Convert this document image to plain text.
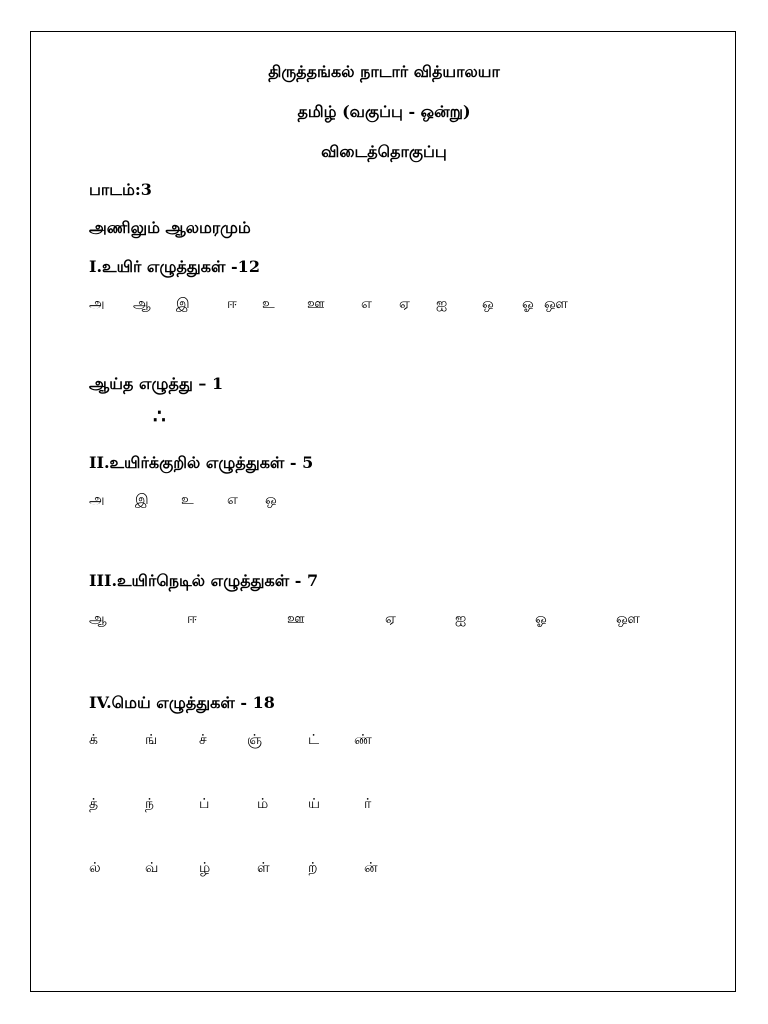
திருத்தங்கல் நாடார் வித்யாலயா
தமிழ் (வகுப்பு - ஒன்று)
விடைத்தொகுப்பு
பாடம்:3
அணிலும் ஆலமரமும்
I.உயிர் எழுத்துகள் -12
அ ஆ இ	ஈ உ ஊ	எ ஏ ஐ ஒ ஓ ஔ
ஆய்த எழுத்து – 1
∴
II.உயிர்க்குறில் எழுத்துகள் - 5
அ இ உ எ ஒ
III.உயிர்நெடில் எழுத்துகள் - 7
ஆ	ஈ	ஊ	ஏ	ஐ	ஓ	ஔ
IV.மெய் எழுத்துகள் - 18
க்	ங்	ச்	ஞ்	ட் ண்
த்	ந்	ப்	ம்	ய்	ர்
ல்	வ்	ழ்	ள்	ற்	ன்
